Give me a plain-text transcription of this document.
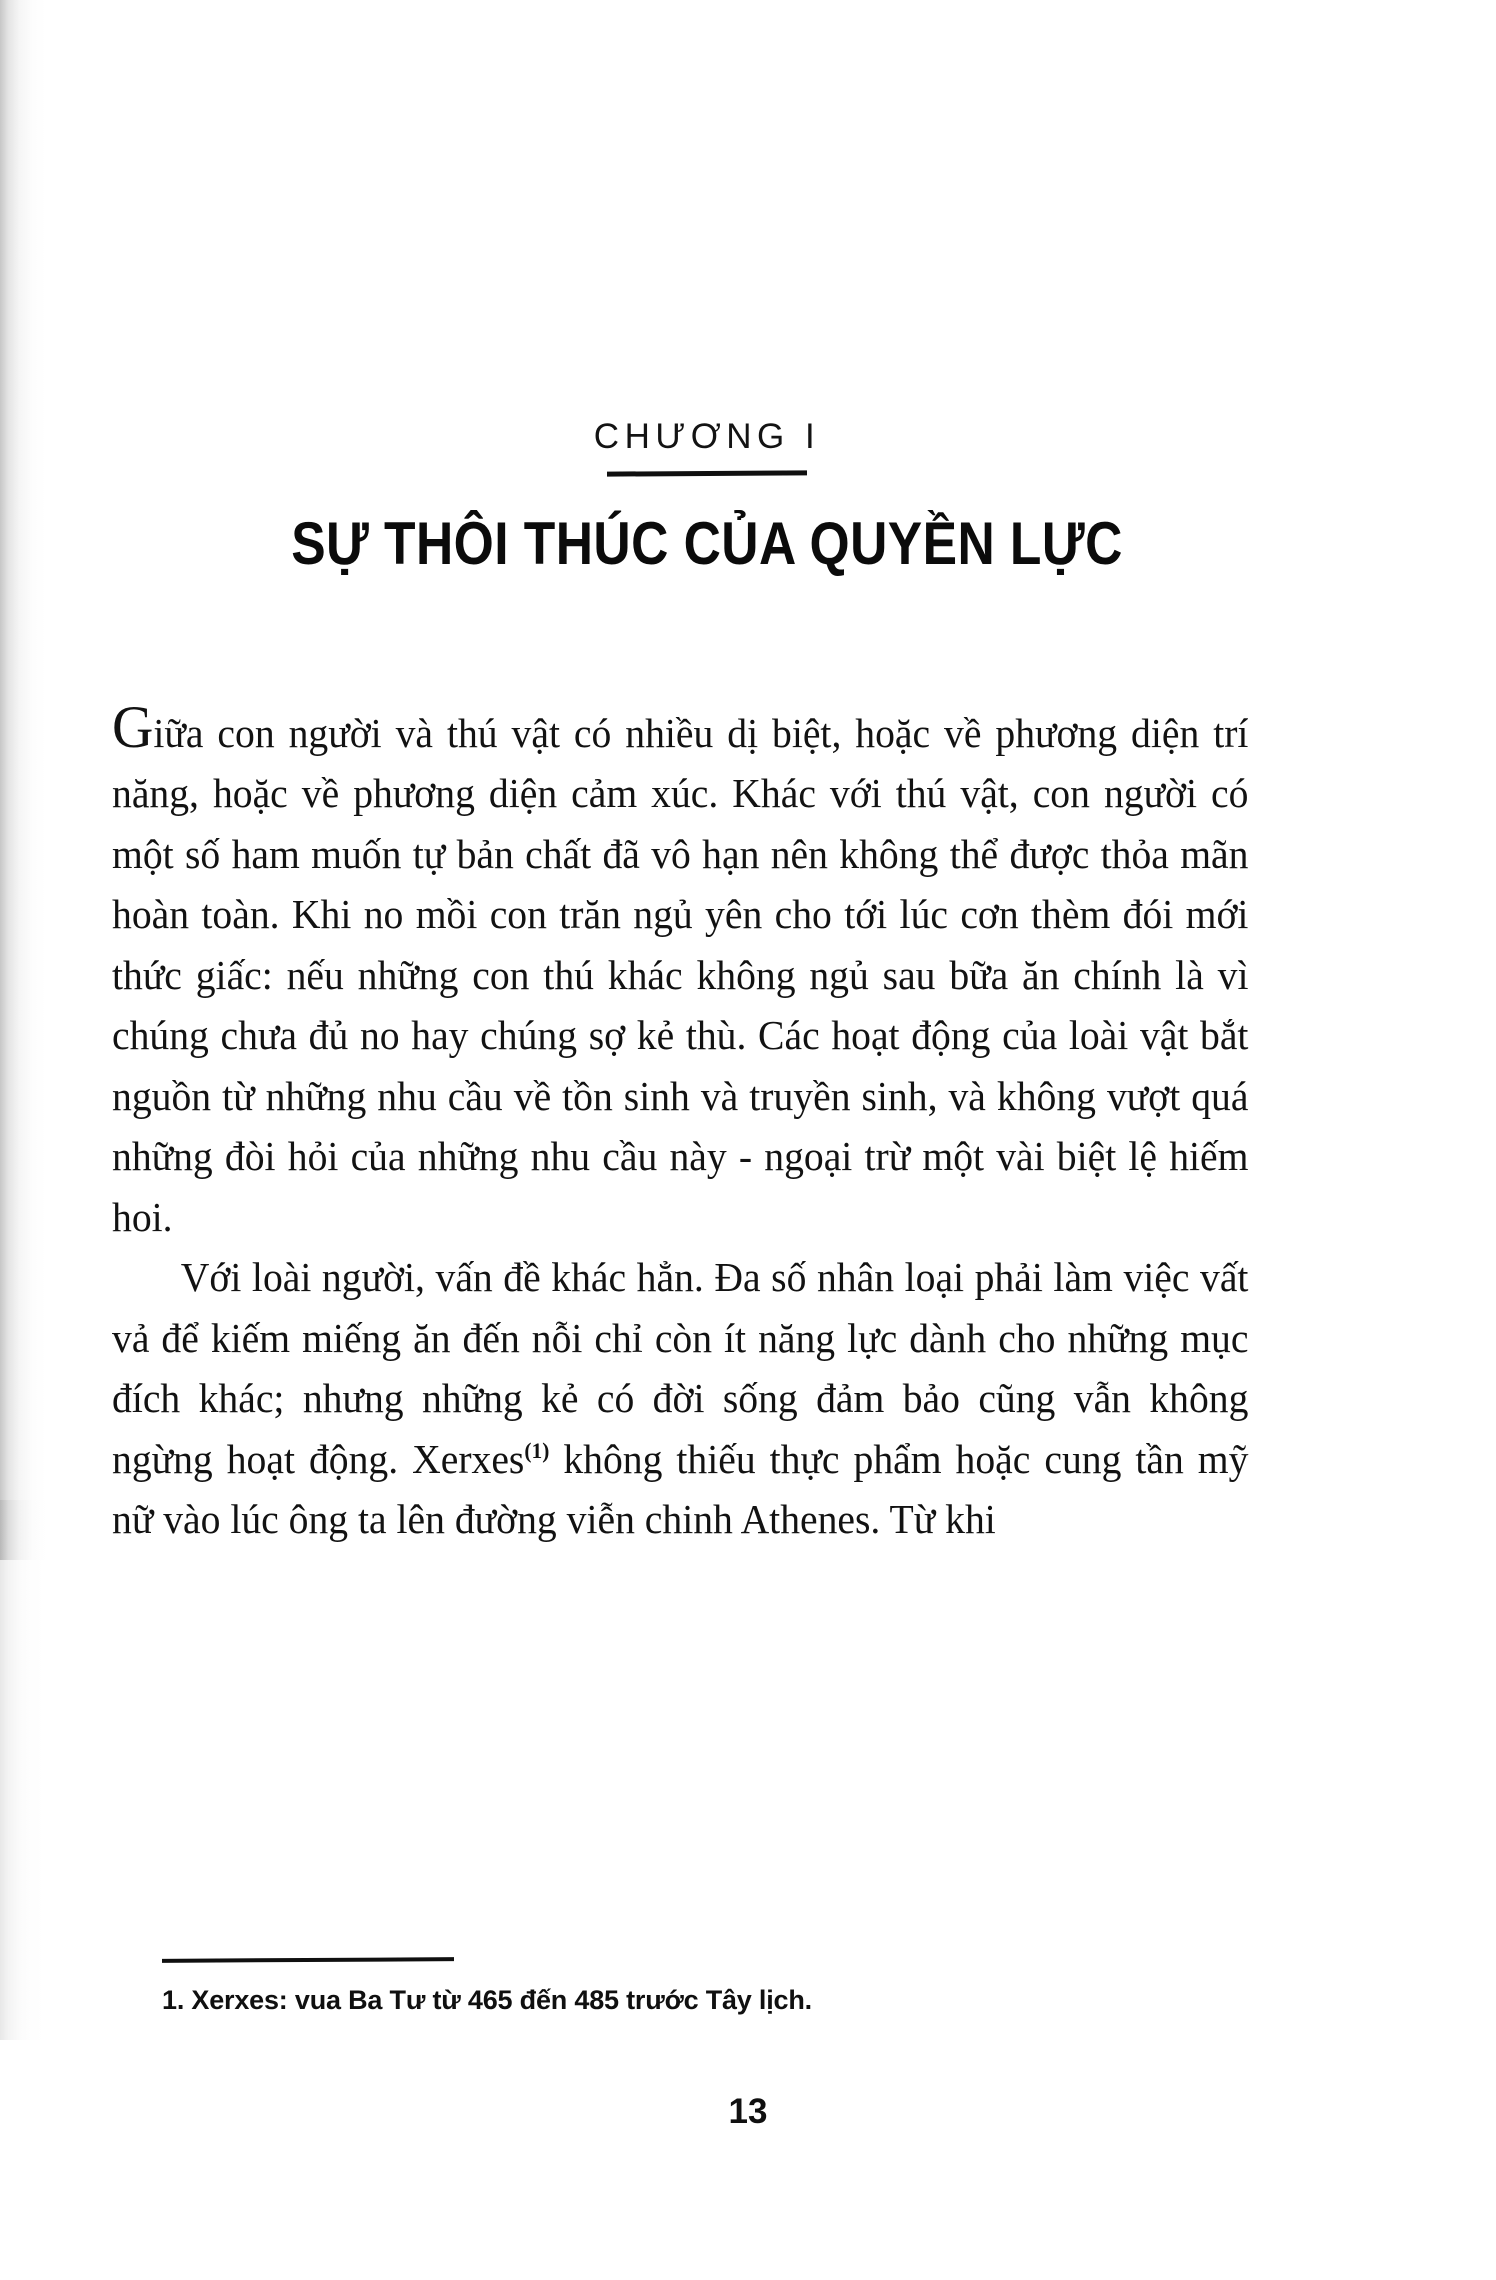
CHƯƠNG I
SỰ THÔI THÚC CỦA QUYỀN LỰC

Giữa con người và thú vật có nhiều dị biệt, hoặc về phương diện trí năng, hoặc về phương diện cảm xúc. Khác với thú vật, con người có một số ham muốn tự bản chất đã vô hạn nên không thể được thỏa mãn hoàn toàn. Khi no mồi con trăn ngủ yên cho tới lúc cơn thèm đói mới thức giấc: nếu những con thú khác không ngủ sau bữa ăn chính là vì chúng chưa đủ no hay chúng sợ kẻ thù. Các hoạt động của loài vật bắt nguồn từ những nhu cầu về tồn sinh và truyền sinh, và không vượt quá những đòi hỏi của những nhu cầu này - ngoại trừ một vài biệt lệ hiếm hoi.

Với loài người, vấn đề khác hẳn. Đa số nhân loại phải làm việc vất vả để kiếm miếng ăn đến nỗi chỉ còn ít năng lực dành cho những mục đích khác; nhưng những kẻ có đời sống đảm bảo cũng vẫn không ngừng hoạt động. Xerxes$^{(1)}$ không thiếu thực phẩm hoặc cung tần mỹ nữ vào lúc ông ta lên đường viễn chinh Athenes. Từ khi

1. Xerxes: vua Ba Tư từ 465 đến 485 trước Tây lịch.
13
